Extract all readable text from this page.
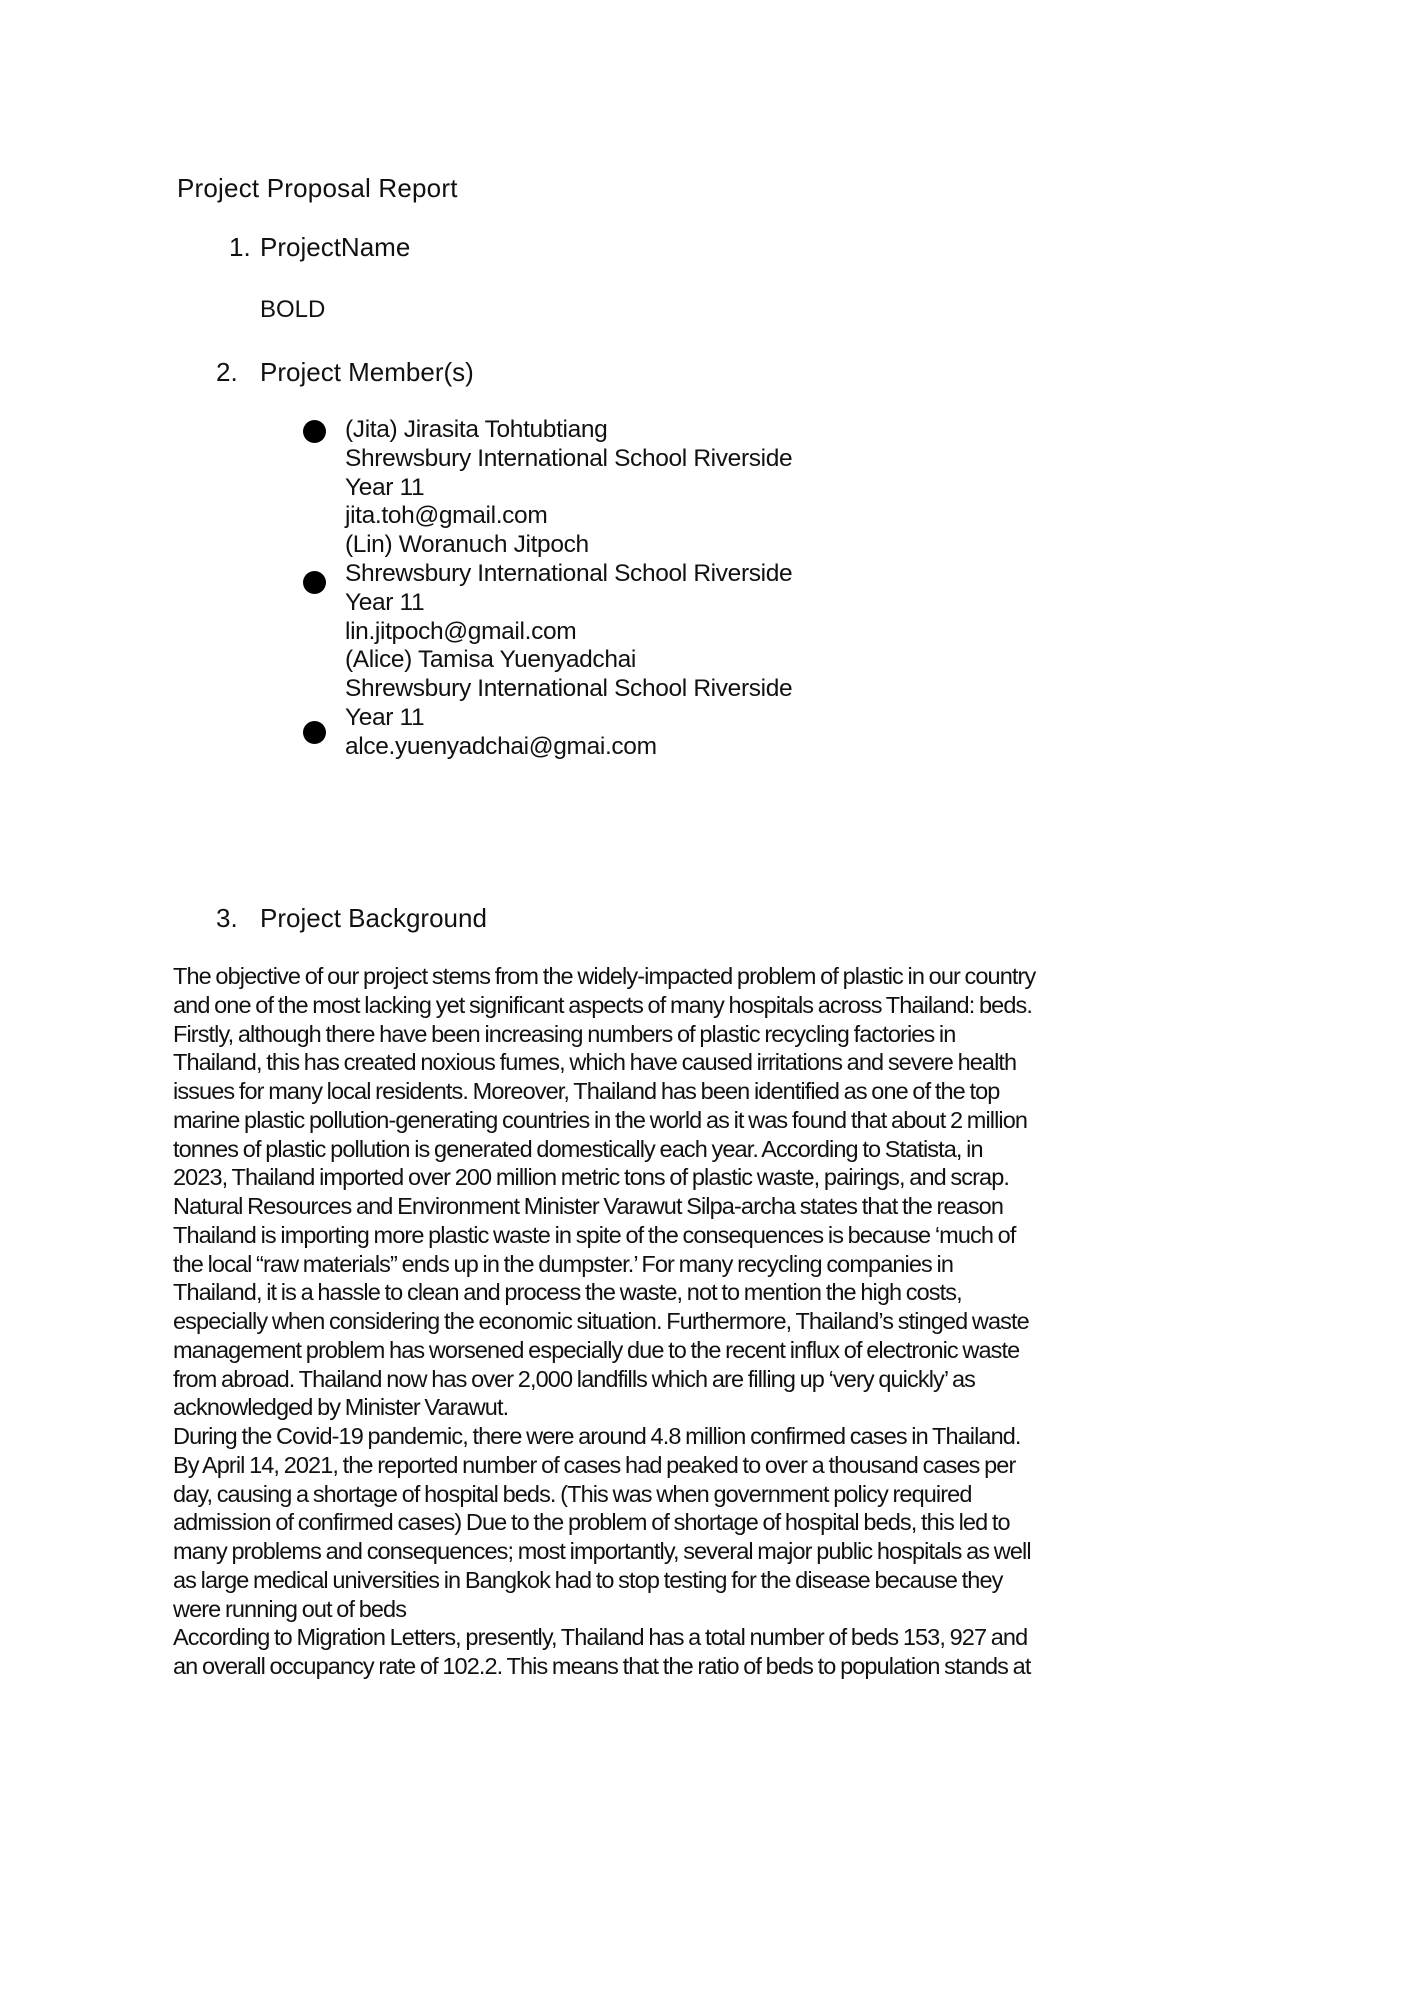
Project Proposal Report
1. ProjectName
BOLD
2. Project Member(s)
(Jita) Jirasita Tohtubtiang
Shrewsbury International School Riverside
Year 11
jita.toh@gmail.com
(Lin) Woranuch Jitpoch
Shrewsbury International School Riverside
Year 11
lin.jitpoch@gmail.com
(Alice) Tamisa Yuenyadchai
Shrewsbury International School Riverside
Year 11
alce.yuenyadchai@gmai.com
3. Project Background
The objective of our project stems from the widely-impacted problem of plastic in our country
and one of the most lacking yet significant aspects of many hospitals across Thailand: beds.
Firstly, although there have been increasing numbers of plastic recycling factories in
Thailand, this has created noxious fumes, which have caused irritations and severe health
issues for many local residents. Moreover, Thailand has been identified as one of the top
marine plastic pollution-generating countries in the world as it was found that about 2 million
tonnes of plastic pollution is generated domestically each year. According to Statista, in
2023, Thailand imported over 200 million metric tons of plastic waste, pairings, and scrap.
Natural Resources and Environment Minister Varawut Silpa-archa states that the reason
Thailand is importing more plastic waste in spite of the consequences is because ‘much of
the local “raw materials” ends up in the dumpster.’ For many recycling companies in
Thailand, it is a hassle to clean and process the waste, not to mention the high costs,
especially when considering the economic situation. Furthermore, Thailand’s stinged waste
management problem has worsened especially due to the recent influx of electronic waste
from abroad. Thailand now has over 2,000 landfills which are filling up ‘very quickly’ as
acknowledged by Minister Varawut.
During the Covid-19 pandemic, there were around 4.8 million confirmed cases in Thailand.
By April 14, 2021, the reported number of cases had peaked to over a thousand cases per
day, causing a shortage of hospital beds. (This was when government policy required
admission of confirmed cases) Due to the problem of shortage of hospital beds, this led to
many problems and consequences; most importantly, several major public hospitals as well
as large medical universities in Bangkok had to stop testing for the disease because they
were running out of beds
According to Migration Letters, presently, Thailand has a total number of beds 153, 927 and
an overall occupancy rate of 102.2. This means that the ratio of beds to population stands at
